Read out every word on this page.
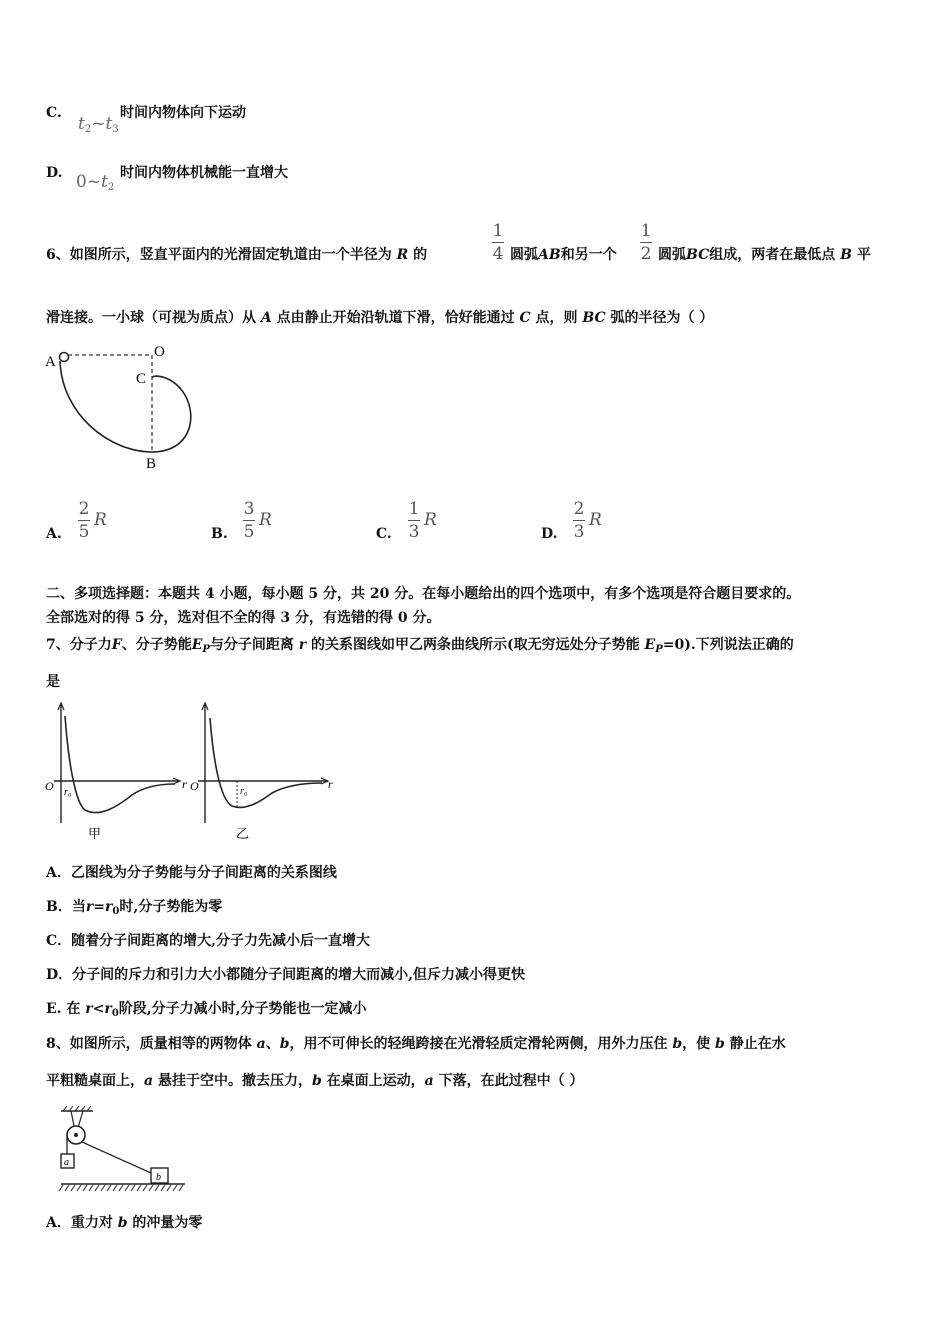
C.
$t_2\sim t_3$
时间内物体向下运动
D. $0\sim t_2$
时间内物体机械能一直增大
6、如图所示，竖直平面内的光滑固定轨道由一个半径为 R 的
1
4 圆弧AB和另一个
1
2 圆弧BC组成，两者在最低点 B 平
滑连接。一小球（可视为质点）从 A 点由静止开始沿轨道下滑，恰好能通过 C 点，则 BC 弧的半径为（ ）
A
O
C
B
A.
2
5
R
B.
3
5
R
C.
1
3
R
D.
2
3
R
二、多项选择题：本题共 4 小题，每小题 5 分，共 20 分。在每小题给出的四个选项中，有多个选项是符合题目要求的。
全部选对的得 5 分，选对但不全的得 3 分，有选错的得 0 分。
7、分子力F、分子势能$E_P$与分子间距离 r 的关系图线如甲乙两条曲线所示(取无穷远处分子势能 $E_P=0$).下列说法正确的
是
O	r
r₀
甲
O	r
r₀
乙
A．乙图线为分子势能与分子间距离的关系图线
B．当$r=r_0$时,分子势能为零
C．随着分子间距离的增大,分子力先减小后一直增大
D．分子间的斥力和引力大小都随分子间距离的增大而减小,但斥力减小得更快
E. 在 $r<r_0$阶段,分子力减小时,分子势能也一定减小
8、如图所示，质量相等的两物体 a、b，用不可伸长的轻绳跨接在光滑轻质定滑轮两侧，用外力压住 b，使 b 静止在水
平粗糙桌面上，a 悬挂于空中。撤去压力，b 在桌面上运动，a 下落，在此过程中（ ）
a
b
A．重力对 b 的冲量为零
